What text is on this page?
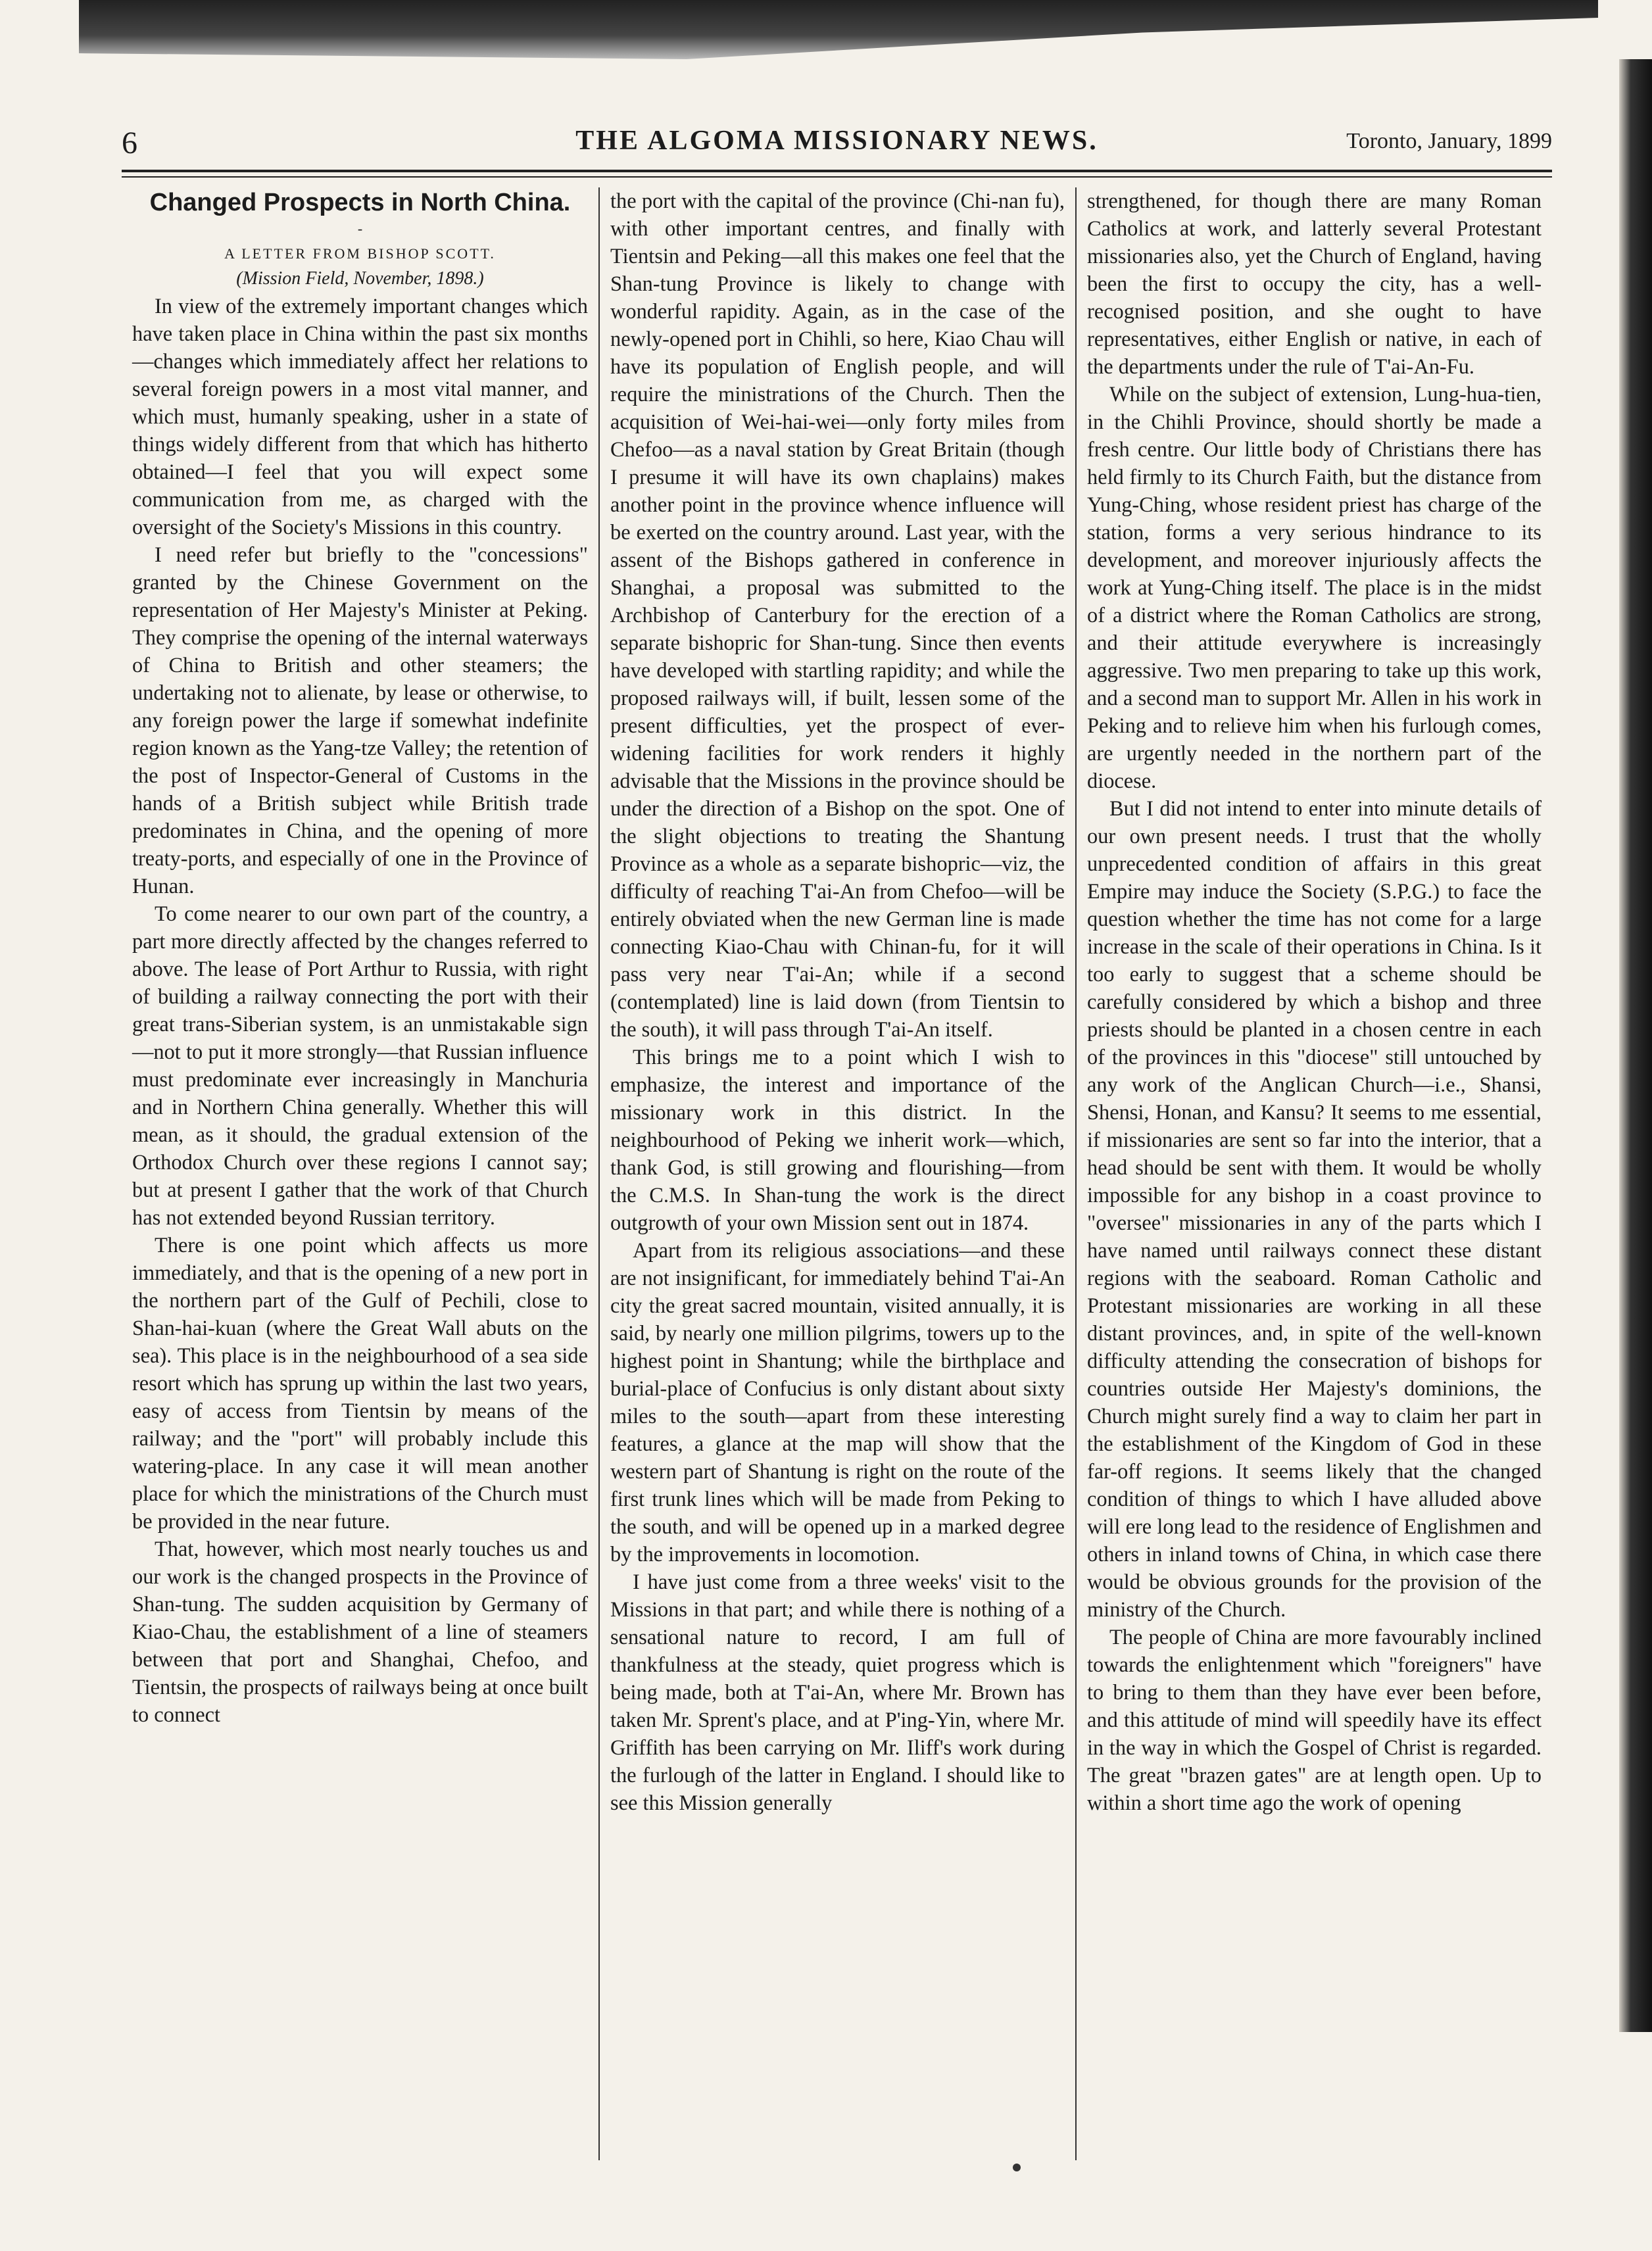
6	THE ALGOMA MISSIONARY NEWS.	Toronto, January, 1899
Changed Prospects in North China.
-

A LETTER FROM BISHOP SCOTT.

(Mission Field, November, 1898.)

In view of the extremely important changes which have taken place in China within the past six months—changes which immediately affect her relations to several foreign powers in a most vital manner, and which must, humanly speaking, usher in a state of things widely different from that which has hitherto obtained—I feel that you will expect some communication from me, as charged with the oversight of the Society's Missions in this country.

I need refer but briefly to the "concessions" granted by the Chinese Government on the representation of Her Majesty's Minister at Peking. They comprise the opening of the internal waterways of China to British and other steamers; the undertaking not to alienate, by lease or otherwise, to any foreign power the large if somewhat indefinite region known as the Yang-tze Valley; the retention of the post of Inspector-General of Customs in the hands of a British subject while British trade predominates in China, and the opening of more treaty-ports, and especially of one in the Province of Hunan.

To come nearer to our own part of the country, a part more directly affected by the changes referred to above. The lease of Port Arthur to Russia, with right of building a railway connecting the port with their great trans-Siberian system, is an unmistakable sign—not to put it more strongly—that Russian influence must predominate ever increasingly in Manchuria and in Northern China generally. Whether this will mean, as it should, the gradual extension of the Orthodox Church over these regions I cannot say; but at present I gather that the work of that Church has not extended beyond Russian territory.

There is one point which affects us more immediately, and that is the opening of a new port in the northern part of the Gulf of Pechili, close to Shan-hai-kuan (where the Great Wall abuts on the sea). This place is in the neighbourhood of a sea side resort which has sprung up within the last two years, easy of access from Tientsin by means of the railway; and the "port" will probably include this watering-place. In any case it will mean another place for which the ministrations of the Church must be provided in the near future.

That, however, which most nearly touches us and our work is the changed prospects in the Province of Shan-tung. The sudden acquisition by Germany of Kiao-Chau, the establishment of a line of steamers between that port and Shanghai, Chefoo, and Tientsin, the prospects of railways being at once built to connect

the port with the capital of the province (Chi-nan fu), with other important centres, and finally with Tientsin and Peking—all this makes one feel that the Shan-tung Province is likely to change with wonderful rapidity. Again, as in the case of the newly-opened port in Chihli, so here, Kiao Chau will have its population of English people, and will require the ministrations of the Church. Then the acquisition of Wei-hai-wei—only forty miles from Chefoo—as a naval station by Great Britain (though I presume it will have its own chaplains) makes another point in the province whence influence will be exerted on the country around. Last year, with the assent of the Bishops gathered in conference in Shanghai, a proposal was submitted to the Archbishop of Canterbury for the erection of a separate bishopric for Shan-tung. Since then events have developed with startling rapidity; and while the proposed railways will, if built, lessen some of the present difficulties, yet the prospect of ever-widening facilities for work renders it highly advisable that the Missions in the province should be under the direction of a Bishop on the spot. One of the slight objections to treating the Shantung Province as a whole as a separate bishopric—viz, the difficulty of reaching T'ai-An from Chefoo—will be entirely obviated when the new German line is made connecting Kiao-Chau with Chinan-fu, for it will pass very near T'ai-An; while if a second (contemplated) line is laid down (from Tientsin to the south), it will pass through T'ai-An itself.

This brings me to a point which I wish to emphasize, the interest and importance of the missionary work in this district. In the neighbourhood of Peking we inherit work—which, thank God, is still growing and flourishing—from the C.M.S. In Shan-tung the work is the direct outgrowth of your own Mission sent out in 1874.

Apart from its religious associations—and these are not insignificant, for immediately behind T'ai-An city the great sacred mountain, visited annually, it is said, by nearly one million pilgrims, towers up to the highest point in Shantung; while the birthplace and burial-place of Confucius is only distant about sixty miles to the south—apart from these interesting features, a glance at the map will show that the western part of Shantung is right on the route of the first trunk lines which will be made from Peking to the south, and will be opened up in a marked degree by the improvements in locomotion.

I have just come from a three weeks' visit to the Missions in that part; and while there is nothing of a sensational nature to record, I am full of thankfulness at the steady, quiet progress which is being made, both at T'ai-An, where Mr. Brown has taken Mr. Sprent's place, and at P'ing-Yin, where Mr. Griffith has been carrying on Mr. Iliff's work during the furlough of the latter in England. I should like to see this Mission generally

strengthened, for though there are many Roman Catholics at work, and latterly several Protestant missionaries also, yet the Church of England, having been the first to occupy the city, has a well-recognised position, and she ought to have representatives, either English or native, in each of the departments under the rule of T'ai-An-Fu.

While on the subject of extension, Lung-hua-tien, in the Chihli Province, should shortly be made a fresh centre. Our little body of Christians there has held firmly to its Church Faith, but the distance from Yung-Ching, whose resident priest has charge of the station, forms a very serious hindrance to its development, and moreover injuriously affects the work at Yung-Ching itself. The place is in the midst of a district where the Roman Catholics are strong, and their attitude everywhere is increasingly aggressive. Two men preparing to take up this work, and a second man to support Mr. Allen in his work in Peking and to relieve him when his furlough comes, are urgently needed in the northern part of the diocese.

But I did not intend to enter into minute details of our own present needs. I trust that the wholly unprecedented condition of affairs in this great Empire may induce the Society (S.P.G.) to face the question whether the time has not come for a large increase in the scale of their operations in China. Is it too early to suggest that a scheme should be carefully considered by which a bishop and three priests should be planted in a chosen centre in each of the provinces in this "diocese" still untouched by any work of the Anglican Church—i.e., Shansi, Shensi, Honan, and Kansu? It seems to me essential, if missionaries are sent so far into the interior, that a head should be sent with them. It would be wholly impossible for any bishop in a coast province to "oversee" missionaries in any of the parts which I have named until railways connect these distant regions with the seaboard. Roman Catholic and Protestant missionaries are working in all these distant provinces, and, in spite of the well-known difficulty attending the consecration of bishops for countries outside Her Majesty's dominions, the Church might surely find a way to claim her part in the establishment of the Kingdom of God in these far-off regions. It seems likely that the changed condition of things to which I have alluded above will ere long lead to the residence of Englishmen and others in inland towns of China, in which case there would be obvious grounds for the provision of the ministry of the Church.

The people of China are more favourably inclined towards the enlightenment which "foreigners" have to bring to them than they have ever been before, and this attitude of mind will speedily have its effect in the way in which the Gospel of Christ is regarded. The great "brazen gates" are at length open. Up to within a short time ago the work of opening
